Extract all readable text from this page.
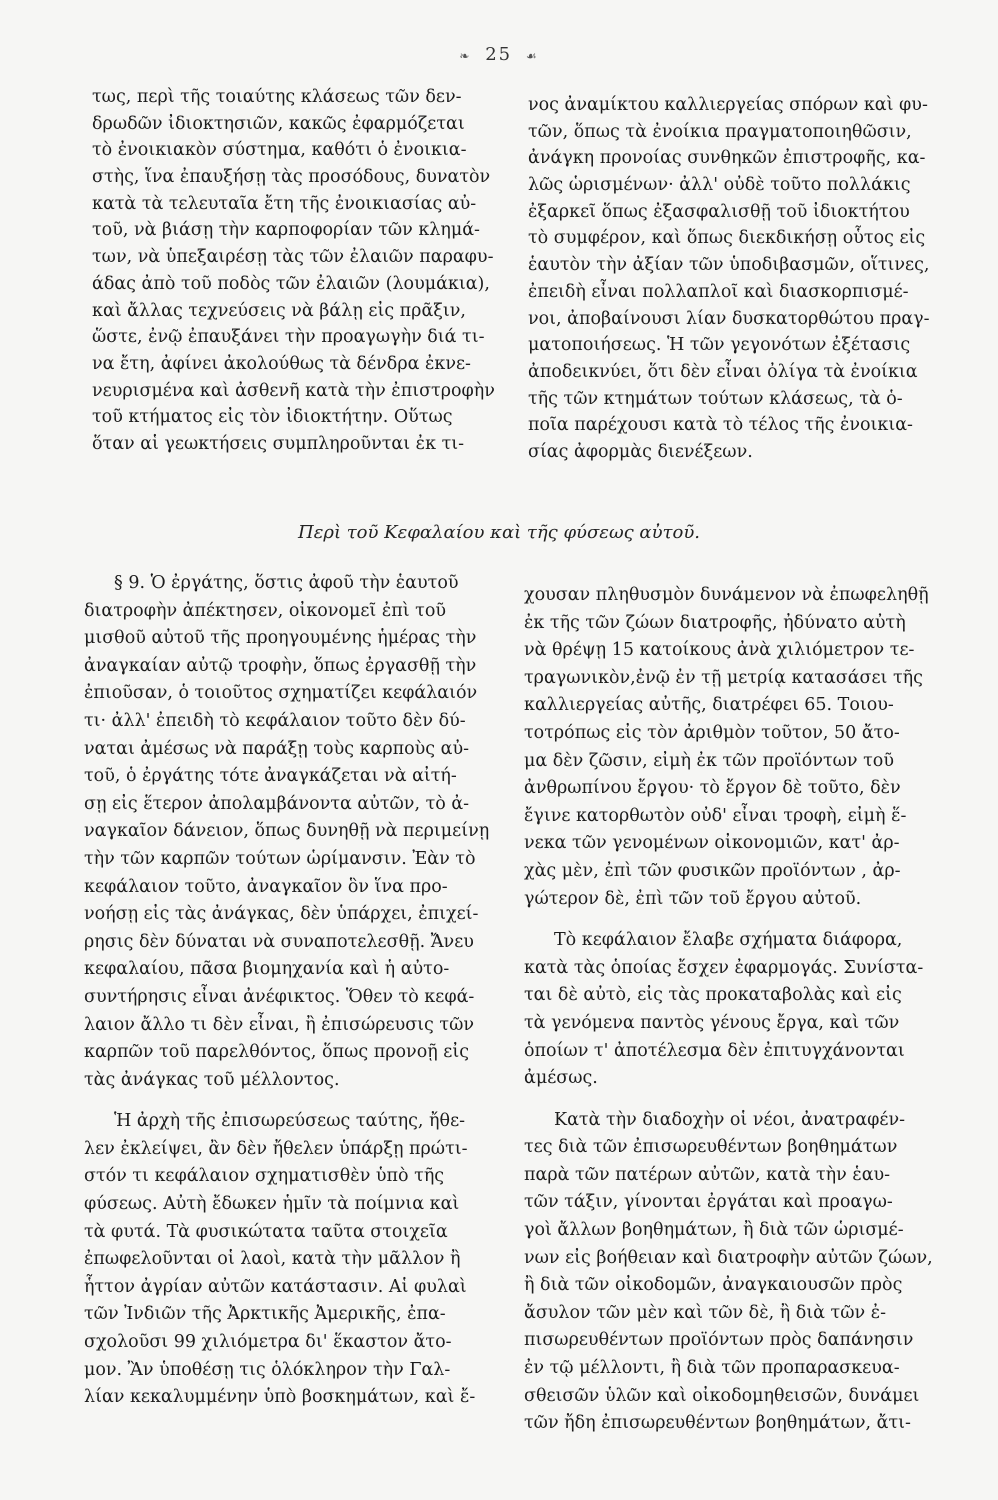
❧ 25 ☙
τως, περὶ τῆς τοιαύτης κλάσεως τῶν δεν-
δρωδῶν ἰδιοκτησιῶν, κακῶς ἐφαρμόζεται
τὸ ἐνοικιακὸν σύστημα, καθότι ὁ ἐνοικια-
στὴς, ἵνα ἐπαυξήσῃ τὰς προσόδους, δυνατὸν
κατὰ τὰ τελευταῖα ἔτη τῆς ἐνοικιασίας αὐ-
τοῦ, νὰ βιάσῃ τὴν καρποφορίαν τῶν κλημά-
των, νὰ ὑπεξαιρέσῃ τὰς τῶν ἐλαιῶν παραφυ-
άδας ἀπὸ τοῦ ποδὸς τῶν ἐλαιῶν (λουμάκια),
καὶ ἄλλας τεχνεύσεις νὰ βάλῃ εἰς πρᾶξιν,
ὥστε, ἐνῷ ἐπαυξάνει τὴν προαγωγὴν διά τι-
να ἔτη, ἀφίνει ἀκολούθως τὰ δένδρα ἐκνε-
νευρισμένα καὶ ἀσθενῆ κατὰ τὴν ἐπιστροφὴν
τοῦ κτήματος εἰς τὸν ἰδιοκτήτην. Οὕτως
ὅταν αἱ γεωκτήσεις συμπληροῦνται ἐκ τι-
νος ἀναμίκτου καλλιεργείας σπόρων καὶ φυ-
τῶν, ὅπως τὰ ἐνοίκια πραγματοποιηθῶσιν,
ἀνάγκη προνοίας συνθηκῶν ἐπιστροφῆς, κα-
λῶς ὡρισμένων· ἀλλ' οὐδὲ τοῦτο πολλάκις
ἐξαρκεῖ ὅπως ἐξασφαλισθῇ τοῦ ἰδιοκτήτου
τὸ συμφέρον, καὶ ὅπως διεκδικήσῃ οὗτος εἰς
ἑαυτὸν τὴν ἀξίαν τῶν ὑποδιβασμῶν, οἵτινες,
ἐπειδὴ εἶναι πολλαπλοῖ καὶ διασκορπισμέ-
νοι, ἀποβαίνουσι λίαν δυσκατορθώτου πραγ-
ματοποιήσεως. Ἡ τῶν γεγονότων ἐξέτασις
ἀποδεικνύει, ὅτι δὲν εἶναι ὀλίγα τὰ ἐνοίκια
τῆς τῶν κτημάτων τούτων κλάσεως, τὰ ὁ-
ποῖα παρέχουσι κατὰ τὸ τέλος τῆς ἐνοικια-
σίας ἀφορμὰς διενέξεων.
Περὶ τοῦ Κεφαλαίου καὶ τῆς φύσεως αὐτοῦ.
§ 9. Ὁ ἐργάτης, ὅστις ἀφοῦ τὴν ἑαυτοῦ
διατροφὴν ἀπέκτησεν, οἰκονομεῖ ἐπὶ τοῦ
μισθοῦ αὐτοῦ τῆς προηγουμένης ἡμέρας τὴν
ἀναγκαίαν αὐτῷ τροφὴν, ὅπως ἐργασθῇ τὴν
ἐπιοῦσαν, ὁ τοιοῦτος σχηματίζει κεφάλαιόν
τι· ἀλλ' ἐπειδὴ τὸ κεφάλαιον τοῦτο δὲν δύ-
ναται ἀμέσως νὰ παράξῃ τοὺς καρποὺς αὐ-
τοῦ, ὁ ἐργάτης τότε ἀναγκάζεται νὰ αἰτή-
σῃ εἰς ἕτερον ἀπολαμβάνοντα αὐτῶν, τὸ ἀ-
ναγκαῖον δάνειον, ὅπως δυνηθῇ νὰ περιμείνῃ
τὴν τῶν καρπῶν τούτων ὡρίμανσιν. Ἐὰν τὸ
κεφάλαιον τοῦτο, ἀναγκαῖον ὃν ἵνα προ-
νοήσῃ εἰς τὰς ἀνάγκας, δὲν ὑπάρχει, ἐπιχεί-
ρησις δὲν δύναται νὰ συναποτελεσθῇ. Ἄνευ
κεφαλαίου, πᾶσα βιομηχανία καὶ ἡ αὐτο-
συντήρησις εἶναι ἀνέφικτος. Ὅθεν τὸ κεφά-
λαιον ἄλλο τι δὲν εἶναι, ἢ ἐπισώρευσις τῶν
καρπῶν τοῦ παρελθόντος, ὅπως προνοῇ εἰς
τὰς ἀνάγκας τοῦ μέλλοντος.
Ἡ ἀρχὴ τῆς ἐπισωρεύσεως ταύτης, ἤθε-
λεν ἐκλείψει, ἂν δὲν ἤθελεν ὑπάρξῃ πρώτι-
στόν τι κεφάλαιον σχηματισθὲν ὑπὸ τῆς
φύσεως. Αὐτὴ ἔδωκεν ἡμῖν τὰ ποίμνια καὶ
τὰ φυτά. Τὰ φυσικώτατα ταῦτα στοιχεῖα
ἐπωφελοῦνται οἱ λαοὶ, κατὰ τὴν μᾶλλον ἢ
ἧττον ἀγρίαν αὐτῶν κατάστασιν. Αἱ φυλαὶ
τῶν Ἰνδιῶν τῆς Ἀρκτικῆς Ἀμερικῆς, ἐπα-
σχολοῦσι 99 χιλιόμετρα δι' ἕκαστον ἄτο-
μον. Ἂν ὑποθέσῃ τις ὁλόκληρον τὴν Γαλ-
λίαν κεκαλυμμένην ὑπὸ βοσκημάτων, καὶ ἔ-
χουσαν πληθυσμὸν δυνάμενον νὰ ἐπωφεληθῇ
ἐκ τῆς τῶν ζώων διατροφῆς, ἠδύνατο αὐτὴ
νὰ θρέψῃ 15 κατοίκους ἀνὰ χιλιόμετρον τε-
τραγωνικὸν,ἐνῷ ἐν τῇ μετρίᾳ κατασάσει τῆς
καλλιεργείας αὐτῆς, διατρέφει 65. Τοιου-
τοτρόπως εἰς τὸν ἀριθμὸν τοῦτον, 50 ἄτο-
μα δὲν ζῶσιν, εἰμὴ ἐκ τῶν προϊόντων τοῦ
ἀνθρωπίνου ἔργου· τὸ ἔργον δὲ τοῦτο, δὲν
ἔγινε κατορθωτὸν οὐδ' εἶναι τροφὴ, εἰμὴ ἕ-
νεκα τῶν γενομένων οἰκονομιῶν, κατ' ἀρ-
χὰς μὲν, ἐπὶ τῶν φυσικῶν προϊόντων , ἀρ-
γώτερον δὲ, ἐπὶ τῶν τοῦ ἔργου αὐτοῦ.
Τὸ κεφάλαιον ἔλαβε σχήματα διάφορα,
κατὰ τὰς ὁποίας ἔσχεν ἐφαρμογάς. Συνίστα-
ται δὲ αὐτὸ, εἰς τὰς προκαταβολὰς καὶ εἰς
τὰ γενόμενα παντὸς γένους ἔργα, καὶ τῶν
ὁποίων τ' ἀποτέλεσμα δὲν ἐπιτυγχάνονται
ἀμέσως.
Κατὰ τὴν διαδοχὴν οἱ νέοι, ἀνατραφέν-
τες διὰ τῶν ἐπισωρευθέντων βοηθημάτων
παρὰ τῶν πατέρων αὐτῶν, κατὰ τὴν ἑαυ-
τῶν τάξιν, γίνονται ἐργάται καὶ προαγω-
γοὶ ἄλλων βοηθημάτων, ἢ διὰ τῶν ὡρισμέ-
νων εἰς βοήθειαν καὶ διατροφὴν αὐτῶν ζώων,
ἢ διὰ τῶν οἰκοδομῶν, ἀναγκαιουσῶν πρὸς
ἄσυλον τῶν μὲν καὶ τῶν δὲ, ἢ διὰ τῶν ἐ-
πισωρευθέντων προϊόντων πρὸς δαπάνησιν
ἐν τῷ μέλλοντι, ἢ διὰ τῶν προπαρασκευα-
σθεισῶν ὑλῶν καὶ οἰκοδομηθεισῶν, δυνάμει
τῶν ἤδη ἐπισωρευθέντων βοηθημάτων, ἄτι-
